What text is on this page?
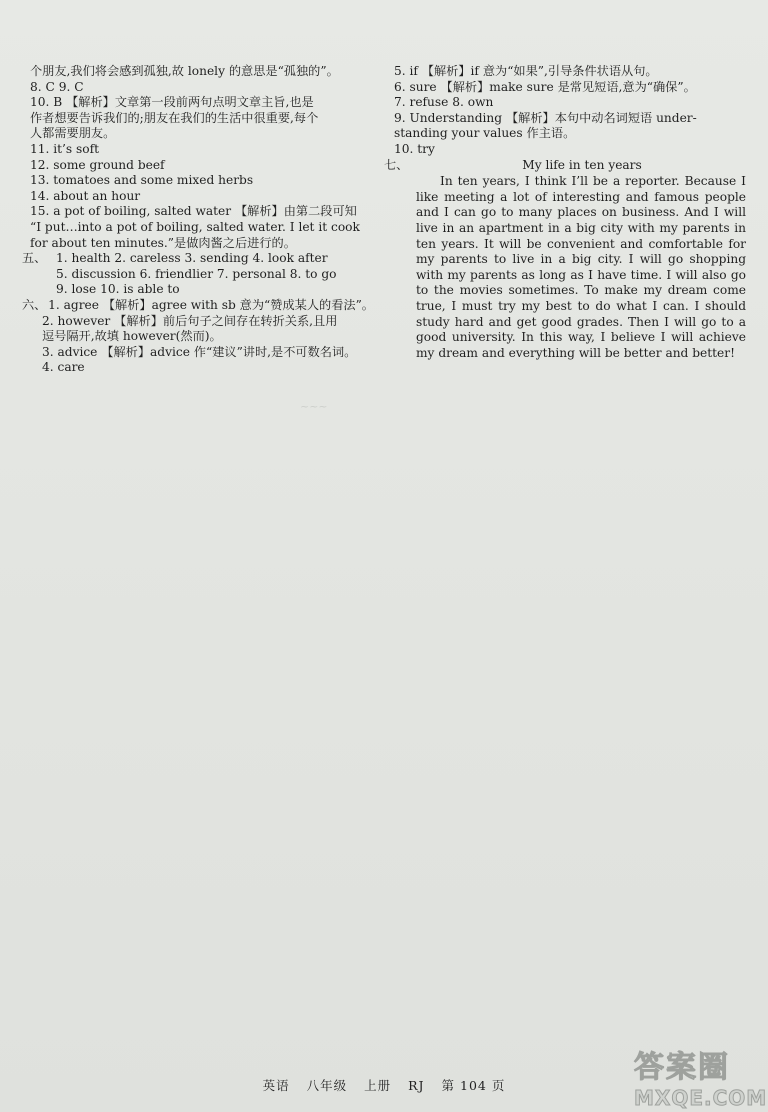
~~~
个朋友,我们将会感到孤独,故 lonely 的意思是“孤独的”。
8. C 9. C
10. B 【解析】文章第一段前两句点明文章主旨,也是
作者想要告诉我们的;朋友在我们的生活中很重要,每个
人都需要朋友。
11. it’s soft
12. some ground beef
13. tomatoes and some mixed herbs
14. about an hour
15. a pot of boiling, salted water 【解析】由第二段可知
“I put…into a pot of boiling, salted water. I let it cook
for about ten minutes.”是做肉酱之后进行的。
五、 1. health 2. careless 3. sending 4. look after
5. discussion 6. friendlier 7. personal 8. to go
9. lose 10. is able to
六、 1. agree 【解析】agree with sb 意为“赞成某人的看法”。
2. however 【解析】前后句子之间存在转折关系,且用
逗号隔开,故填 however(然而)。
3. advice 【解析】advice 作“建议”讲时,是不可数名词。
4. care
5. if 【解析】if 意为“如果”,引导条件状语从句。
6. sure 【解析】make sure 是常见短语,意为“确保”。
7. refuse 8. own
9. Understanding 【解析】本句中动名词短语 under-
standing your values 作主语。
10. try
七、	My life in ten years

In ten years, I think I’ll be a reporter. Because I like meeting a lot of interesting and famous people and I can go to many places on business. And I will live in an apartment in a big city with my parents in ten years. It will be convenient and comfortable for my parents to live in a big city. I will go shopping with my parents as long as I have time. I will also go to the movies sometimes. To make my dream come true, I must try my best to do what I can. I should study hard and get good grades. Then I will go to a good university. In this way, I believe I will achieve my dream and everything will be better and better!

英语 八年级 上册 RJ 第 104 页
答案圈
MXQE.COM
